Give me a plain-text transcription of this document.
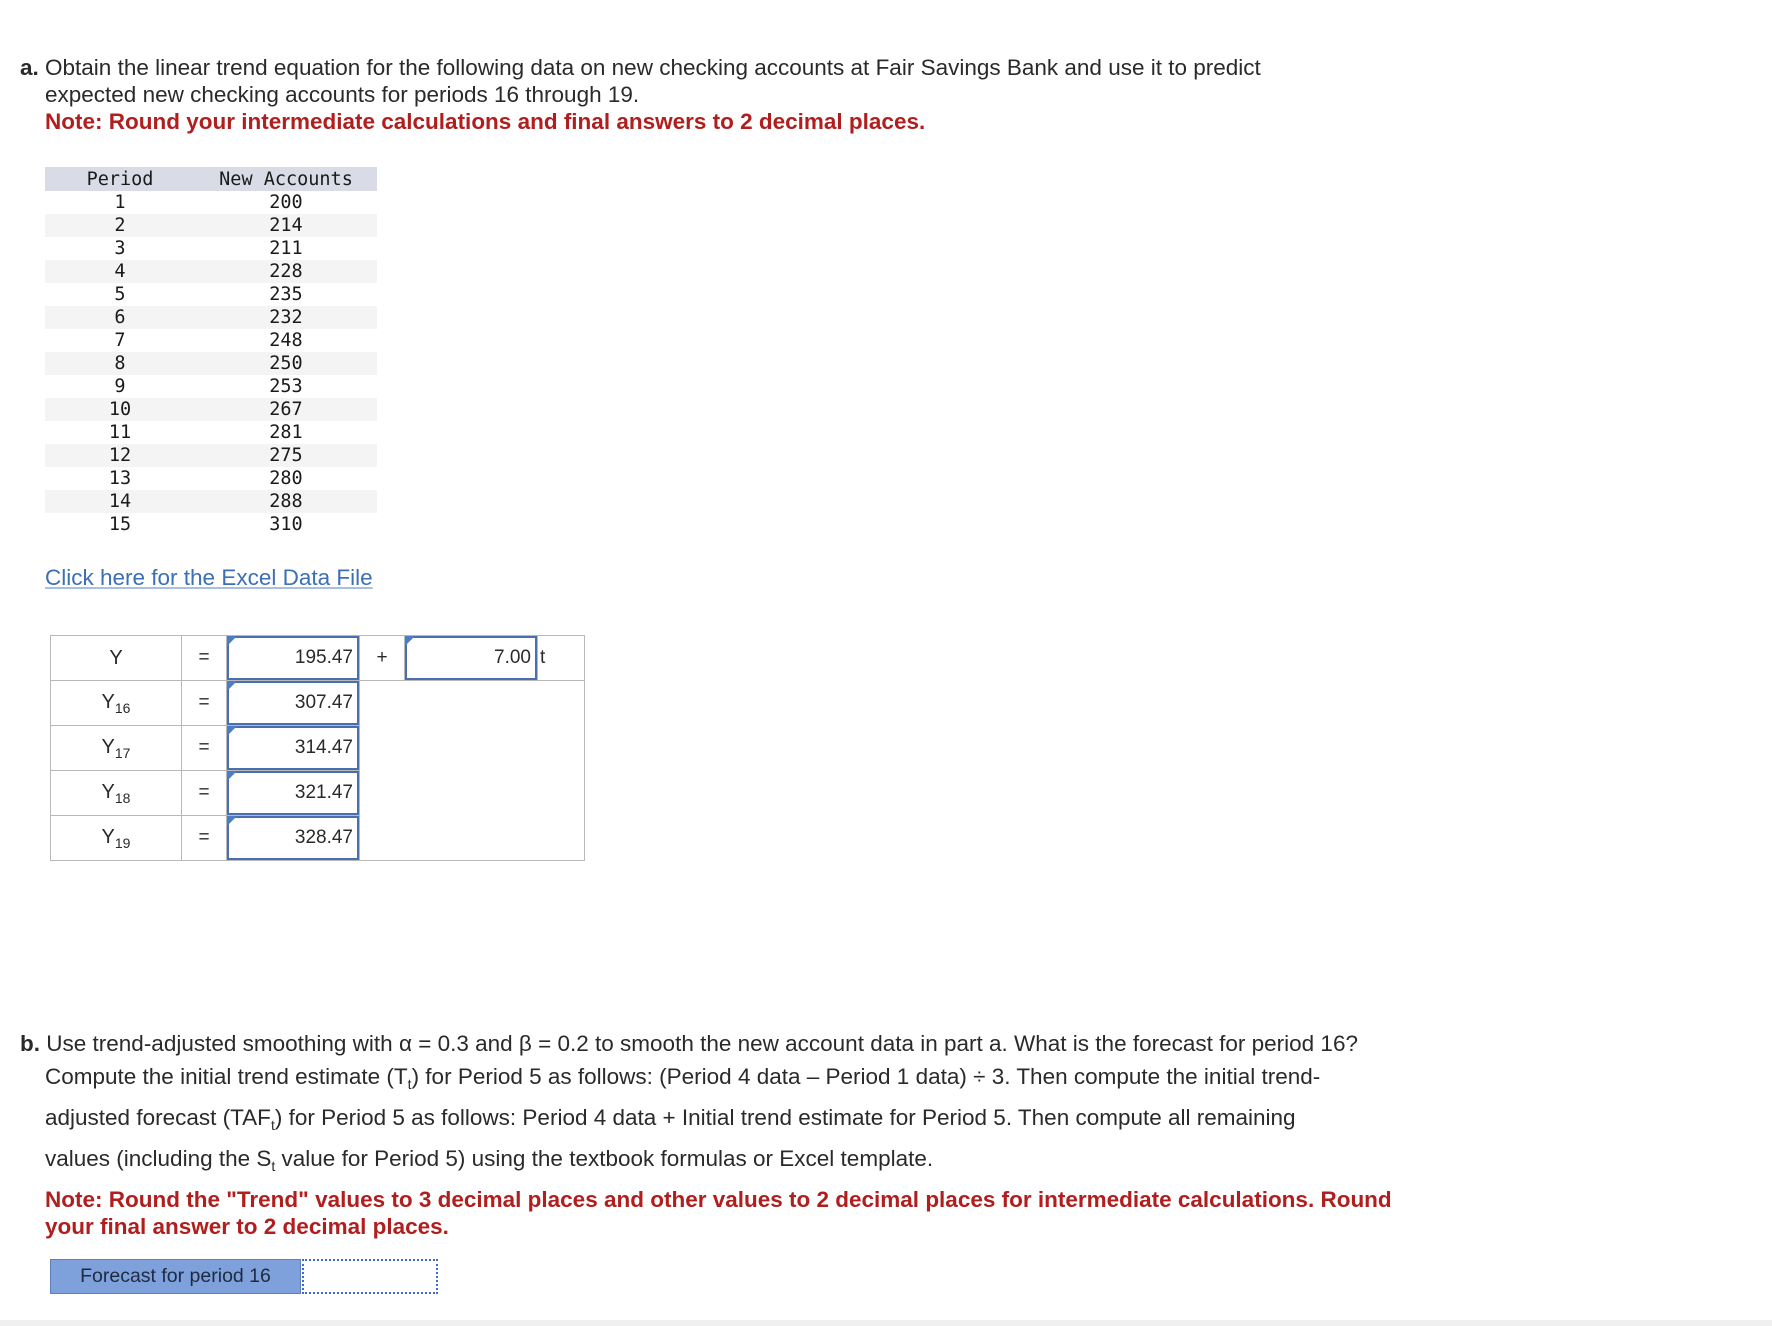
a. Obtain the linear trend equation for the following data on new checking accounts at Fair Savings Bank and use it to predict
expected new checking accounts for periods 16 through 19.
Note: Round your intermediate calculations and final answers to 2 decimal places.
Period	New Accounts
1	200
2	214
3	211
4	228
5	235
6	232
7	248
8	250
9	253
10	267
11	281
12	275
13	280
14	288
15	310
Click here for the Excel Data File
Y	=	195.47	+	7.00	t
$Y_{16}$	=	307.47			

$Y_{17}$	=	314.47			

$Y_{18}$	=	321.47			

$Y_{19}$	=	328.47			

b. Use trend-adjusted smoothing with α = 0.3 and β = 0.2 to smooth the new account data in part a. What is the forecast for period 16?
Compute the initial trend estimate $(T_t)$ for Period 5 as follows: (Period 4 data – Period 1 data) ÷ 3. Then compute the initial trend-
adjusted forecast $(TAF_t)$ for Period 5 as follows: Period 4 data + Initial trend estimate for Period 5. Then compute all remaining
values (including the $S_t$ value for Period 5) using the textbook formulas or Excel template.
Note: Round the "Trend" values to 3 decimal places and other values to 2 decimal places for intermediate calculations. Round
your final answer to 2 decimal places.
Forecast for period 16
